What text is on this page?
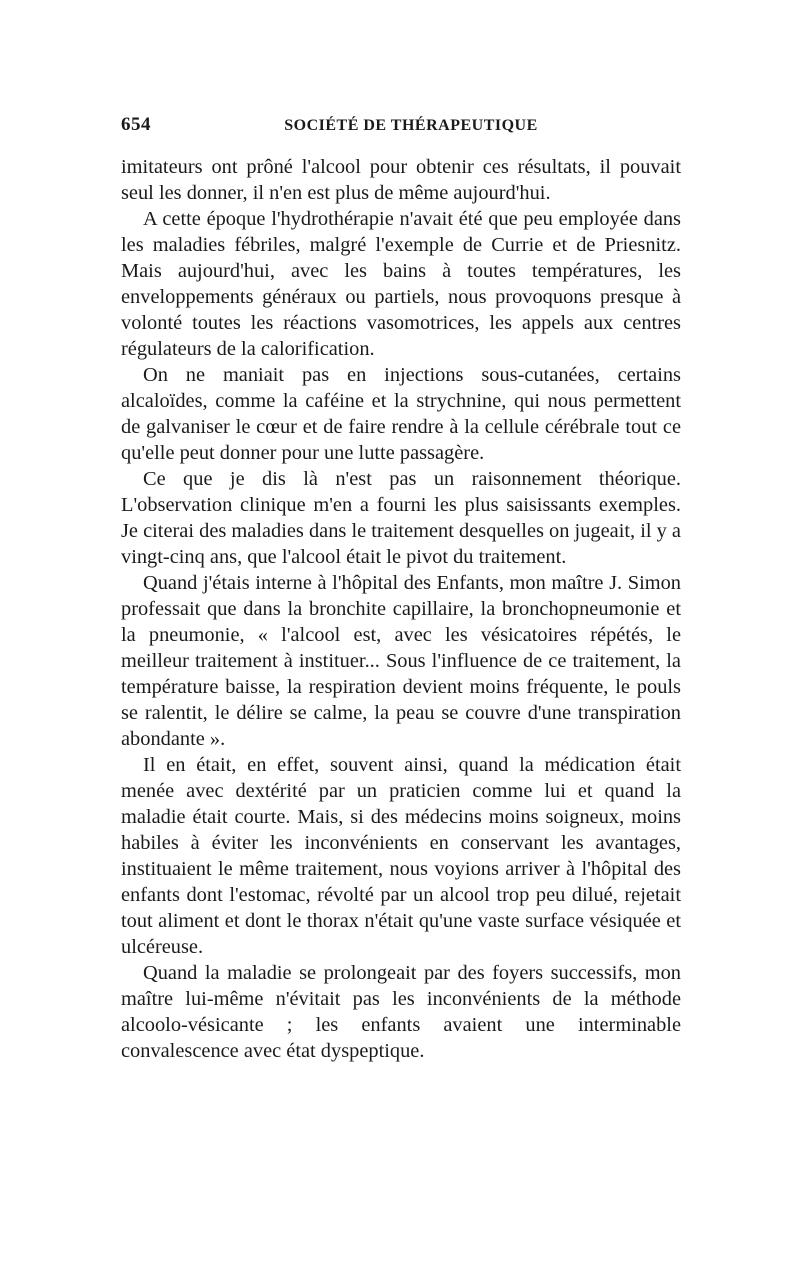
654	SOCIÉTÉ DE THÉRAPEUTIQUE

imitateurs ont prôné l'alcool pour obtenir ces résultats, il pouvait seul les donner, il n'en est plus de même aujourd'hui.

A cette époque l'hydrothérapie n'avait été que peu employée dans les maladies fébriles, malgré l'exemple de Currie et de Priesnitz. Mais aujourd'hui, avec les bains à toutes températures, les enveloppements généraux ou partiels, nous provoquons presque à volonté toutes les réactions vasomotrices, les appels aux centres régulateurs de la calorification.

On ne maniait pas en injections sous-cutanées, certains alcaloïdes, comme la caféine et la strychnine, qui nous permettent de galvaniser le cœur et de faire rendre à la cellule cérébrale tout ce qu'elle peut donner pour une lutte passagère.

Ce que je dis là n'est pas un raisonnement théorique. L'observation clinique m'en a fourni les plus saisissants exemples. Je citerai des maladies dans le traitement desquelles on jugeait, il y a vingt-cinq ans, que l'alcool était le pivot du traitement.

Quand j'étais interne à l'hôpital des Enfants, mon maître J. Simon professait que dans la bronchite capillaire, la bronchopneumonie et la pneumonie, « l'alcool est, avec les vésicatoires répétés, le meilleur traitement à instituer... Sous l'influence de ce traitement, la température baisse, la respiration devient moins fréquente, le pouls se ralentit, le délire se calme, la peau se couvre d'une transpiration abondante ».

Il en était, en effet, souvent ainsi, quand la médication était menée avec dextérité par un praticien comme lui et quand la maladie était courte. Mais, si des médecins moins soigneux, moins habiles à éviter les inconvénients en conservant les avantages, instituaient le même traitement, nous voyions arriver à l'hôpital des enfants dont l'estomac, révolté par un alcool trop peu dilué, rejetait tout aliment et dont le thorax n'était qu'une vaste surface vésiquée et ulcéreuse.

Quand la maladie se prolongeait par des foyers successifs, mon maître lui-même n'évitait pas les inconvénients de la méthode alcoolo-vésicante ; les enfants avaient une interminable convalescence avec état dyspeptique.
